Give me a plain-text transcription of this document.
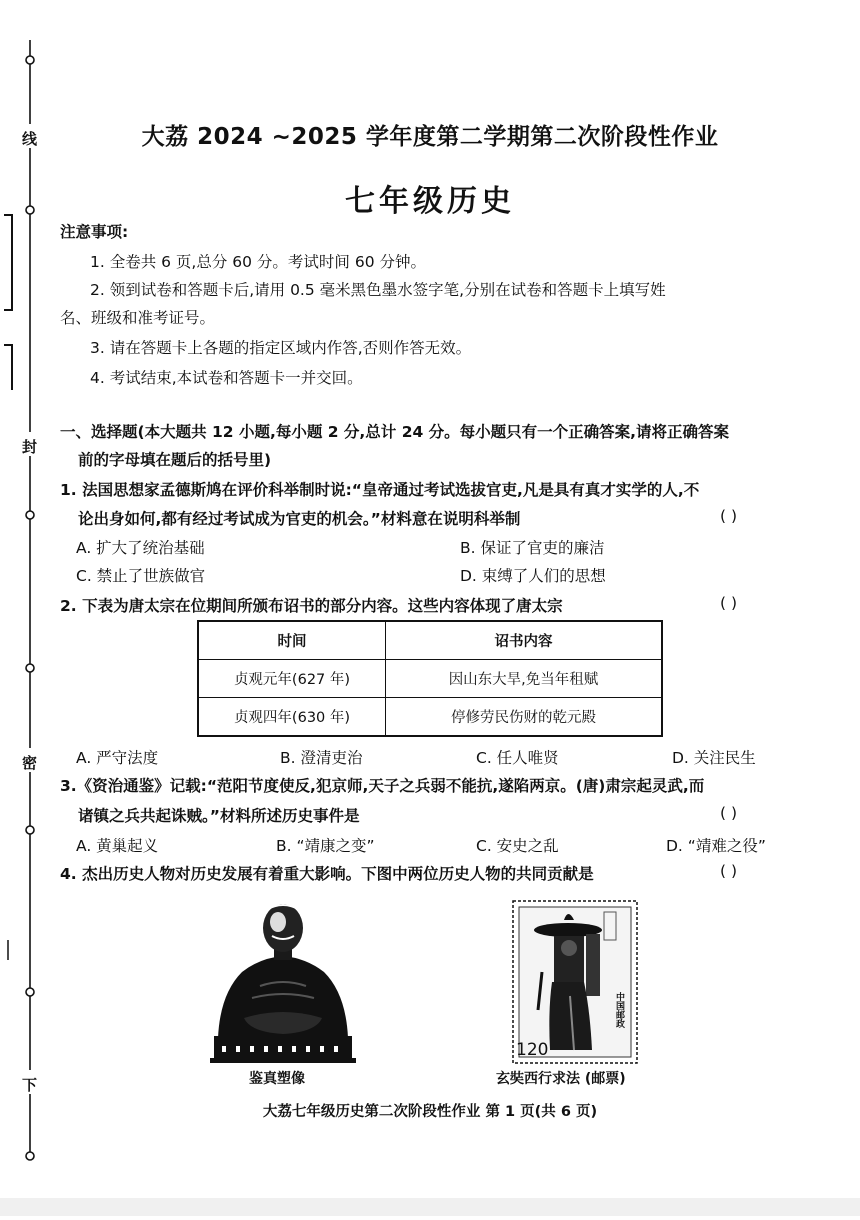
线
封
密
下
大荔 2024 ~2025 学年度第二学期第二次阶段性作业
七年级历史
注意事项:
1. 全卷共 6 页,总分 60 分。考试时间 60 分钟。
2. 领到试卷和答题卡后,请用 0.5 毫米黑色墨水签字笔,分别在试卷和答题卡上填写姓
名、班级和准考证号。
3. 请在答题卡上各题的指定区域内作答,否则作答无效。
4. 考试结束,本试卷和答题卡一并交回。
一、选择题(本大题共 12 小题,每小题 2 分,总计 24 分。每小题只有一个正确答案,请将正确答案
前的字母填在题后的括号里)
1. 法国思想家孟德斯鸠在评价科举制时说:“皇帝通过考试选拔官吏,凡是具有真才实学的人,不
论出身如何,都有经过考试成为官吏的机会。”材料意在说明科举制	( )
A. 扩大了统治基础	B. 保证了官吏的廉洁
C. 禁止了世族做官	D. 束缚了人们的思想
2. 下表为唐太宗在位期间所颁布诏书的部分内容。这些内容体现了唐太宗	( )
时间	诏书内容
贞观元年(627 年)	因山东大旱,免当年租赋
贞观四年(630 年)	停修劳民伤财的乾元殿
A. 严守法度	B. 澄清吏治	C. 任人唯贤	D. 关注民生
3.《资治通鉴》记载:“范阳节度使反,犯京师,天子之兵弱不能抗,遂陷两京。(唐)肃宗起灵武,而
诸镇之兵共起诛贼。”材料所述历史事件是	( )
A. 黄巢起义	B. “靖康之变”	C. 安史之乱	D. “靖难之役”
4. 杰出历史人物对历史发展有着重大影响。下图中两位历史人物的共同贡献是	( )
鉴真塑像
120
中国邮政
玄奘西行求法 (邮票)
大荔七年级历史第二次阶段性作业 第 1 页(共 6 页)
